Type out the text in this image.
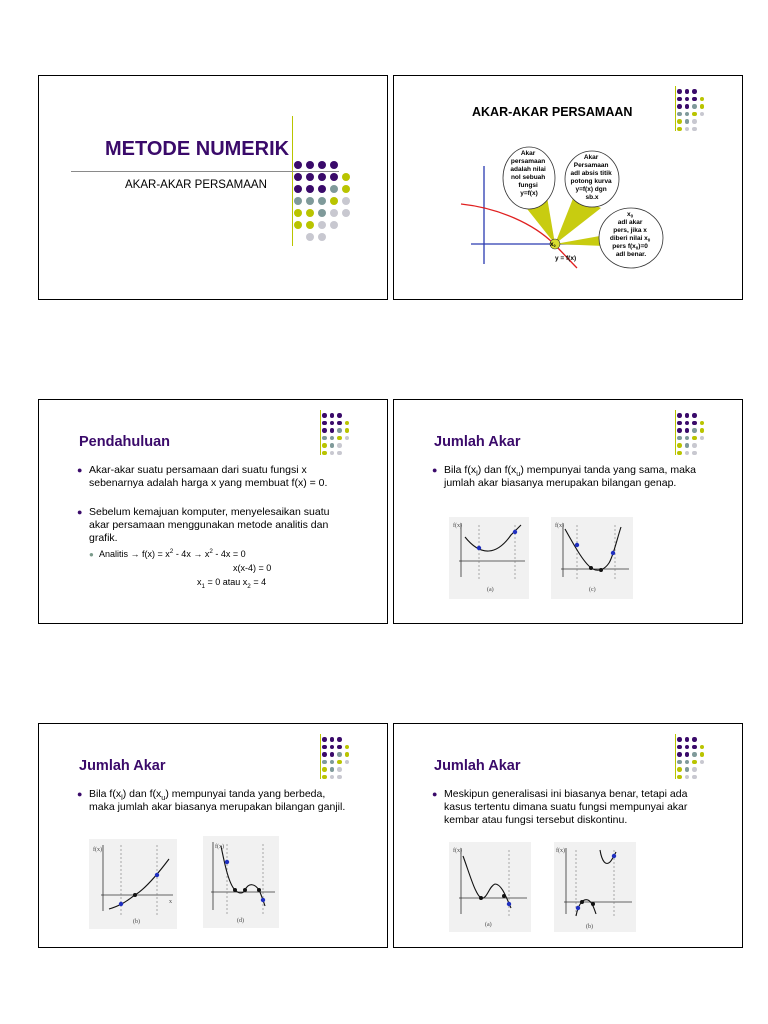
METODE NUMERIK
AKAR-AKAR PERSAMAAN
AKAR-AKAR PERSAMAAN
Akar persamaan adalah nilai nol sebuah fungsi y=f(x)
Akar Persamaan adl absis titik potong kurva y=f(x) dgn sb.x
$x_0$ adl akar pers, jika x diberi nilai $x_0$ pers $f(x_0)=0$ adl benar.
x0
y = f(x)
Pendahuluan
● Akar-akar suatu persamaan dari suatu fungsi x sebenarnya adalah harga x yang membuat f(x) = 0.
● Sebelum kemajuan komputer, menyelesaikan suatu akar persamaan menggunakan metode analitis dan grafik.
● Analitis → $f(x) = x^2 - 4x \to x^2 - 4x = 0$
x(x-4) = 0
$x_1 = 0$ atau $x_2 = 4$
Jumlah Akar
● Bila $f(x_l)$ dan $f(x_u)$ mempunyai tanda yang sama, maka jumlah akar biasanya merupakan bilangan genap.
f(x)
(a)
f(x)
(c)
Jumlah Akar
● Bila $f(x_l)$ dan $f(x_u)$ mempunyai tanda yang berbeda, maka jumlah akar biasanya merupakan bilangan ganjil.
f(x)
x
(b)
f(x)
(d)
Jumlah Akar
● Meskipun generalisasi ini biasanya benar, tetapi ada kasus tertentu dimana suatu fungsi mempunyai akar kembar atau fungsi tersebut diskontinu.
f(x)
(a)
f(x)
(b)
